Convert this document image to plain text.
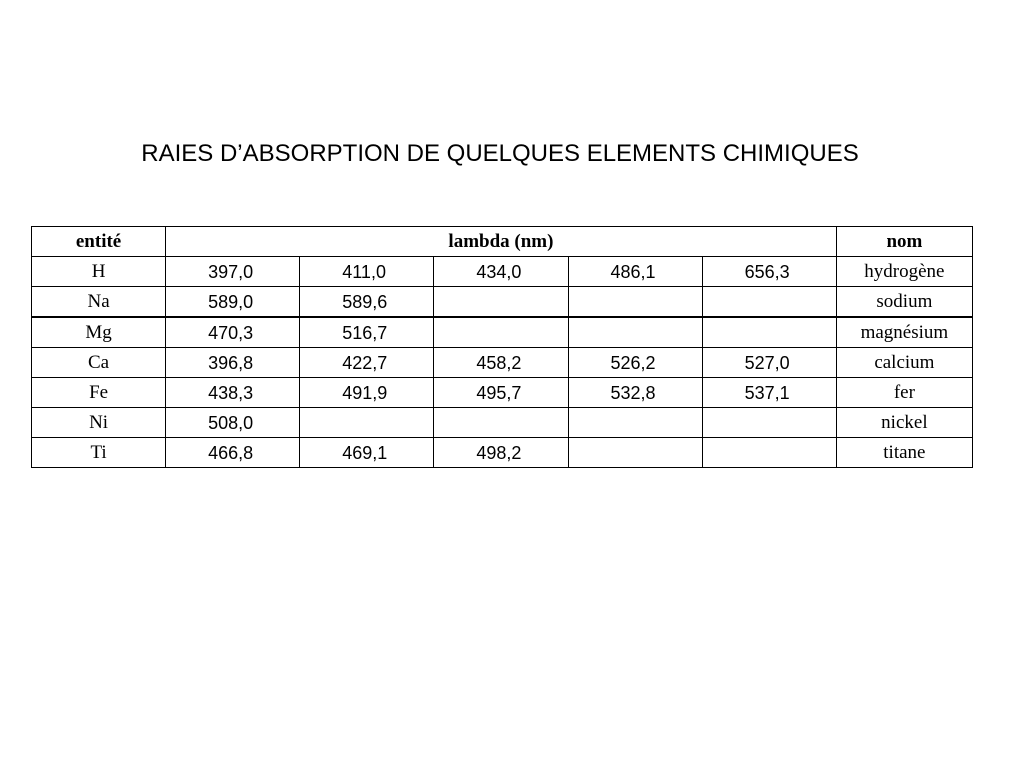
RAIES D’ABSORPTION DE QUELQUES ELEMENTS CHIMIQUES
entité	lambda (nm)					nom
H	397,0	411,0	434,0	486,1	656,3	hydrogène
Na	589,0	589,6				sodium
Mg	470,3	516,7				magnésium
Ca	396,8	422,7	458,2	526,2	527,0	calcium
Fe	438,3	491,9	495,7	532,8	537,1	fer
Ni	508,0					nickel
Ti	466,8	469,1	498,2			titane
